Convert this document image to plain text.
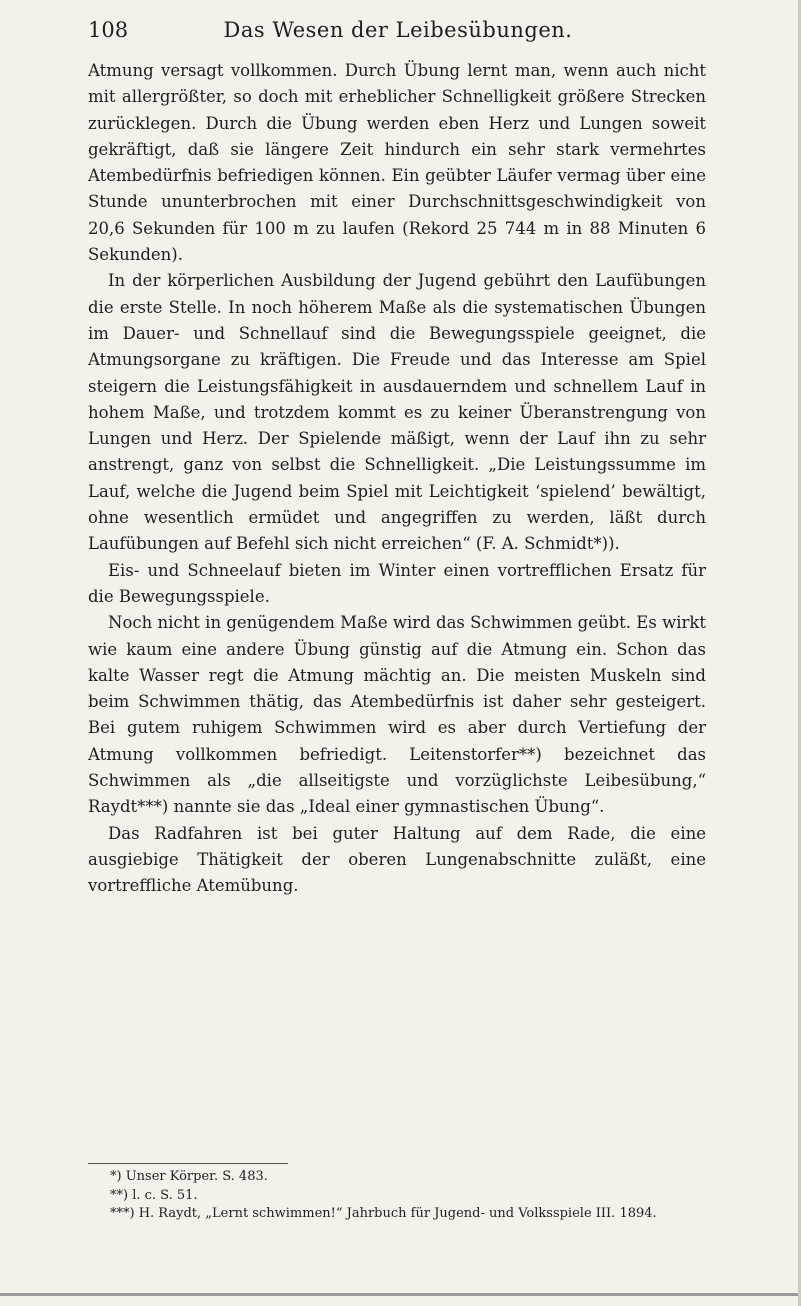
108	Das Wesen der Leibesübungen.

Atmung versagt vollkommen. Durch Übung lernt man, wenn auch nicht mit allergrößter, so doch mit erheblicher Schnelligkeit größere Strecken zurücklegen. Durch die Übung werden eben Herz und Lungen soweit gekräftigt, daß sie längere Zeit hindurch ein sehr stark vermehrtes Atembedürfnis befriedigen können. Ein geübter Läufer vermag über eine Stunde ununterbrochen mit einer Durchschnittsgeschwindigkeit von 20,6 Sekunden für 100 m zu laufen (Rekord 25 744 m in 88 Minuten 6 Sekunden).

In der körperlichen Ausbildung der Jugend gebührt den Laufübungen die erste Stelle. In noch höherem Maße als die systematischen Übungen im Dauer- und Schnellauf sind die Bewegungsspiele geeignet, die Atmungsorgane zu kräftigen. Die Freude und das Interesse am Spiel steigern die Leistungsfähigkeit in ausdauerndem und schnellem Lauf in hohem Maße, und trotzdem kommt es zu keiner Überanstrengung von Lungen und Herz. Der Spielende mäßigt, wenn der Lauf ihn zu sehr anstrengt, ganz von selbst die Schnelligkeit. „Die Leistungssumme im Lauf, welche die Jugend beim Spiel mit Leichtigkeit ‘spielend’ bewältigt, ohne wesentlich ermüdet und angegriffen zu werden, läßt durch Laufübungen auf Befehl sich nicht erreichen“ (F. A. Schmidt*)).

Eis- und Schneelauf bieten im Winter einen vortrefflichen Ersatz für die Bewegungsspiele.

Noch nicht in genügendem Maße wird das Schwimmen geübt. Es wirkt wie kaum eine andere Übung günstig auf die Atmung ein. Schon das kalte Wasser regt die Atmung mächtig an. Die meisten Muskeln sind beim Schwimmen thätig, das Atembedürfnis ist daher sehr gesteigert. Bei gutem ruhigem Schwimmen wird es aber durch Vertiefung der Atmung vollkommen befriedigt. Leitenstorfer**) bezeichnet das Schwimmen als „die allseitigste und vorzüglichste Leibesübung,“ Raydt***) nannte sie das „Ideal einer gymnastischen Übung“.

Das Radfahren ist bei guter Haltung auf dem Rade, die eine ausgiebige Thätigkeit der oberen Lungenabschnitte zuläßt, eine vortreffliche Atemübung.

*) Unser Körper. S. 483.
**) l. c. S. 51.
***) H. Raydt, „Lernt schwimmen!“ Jahrbuch für Jugend- und Volksspiele III. 1894.
